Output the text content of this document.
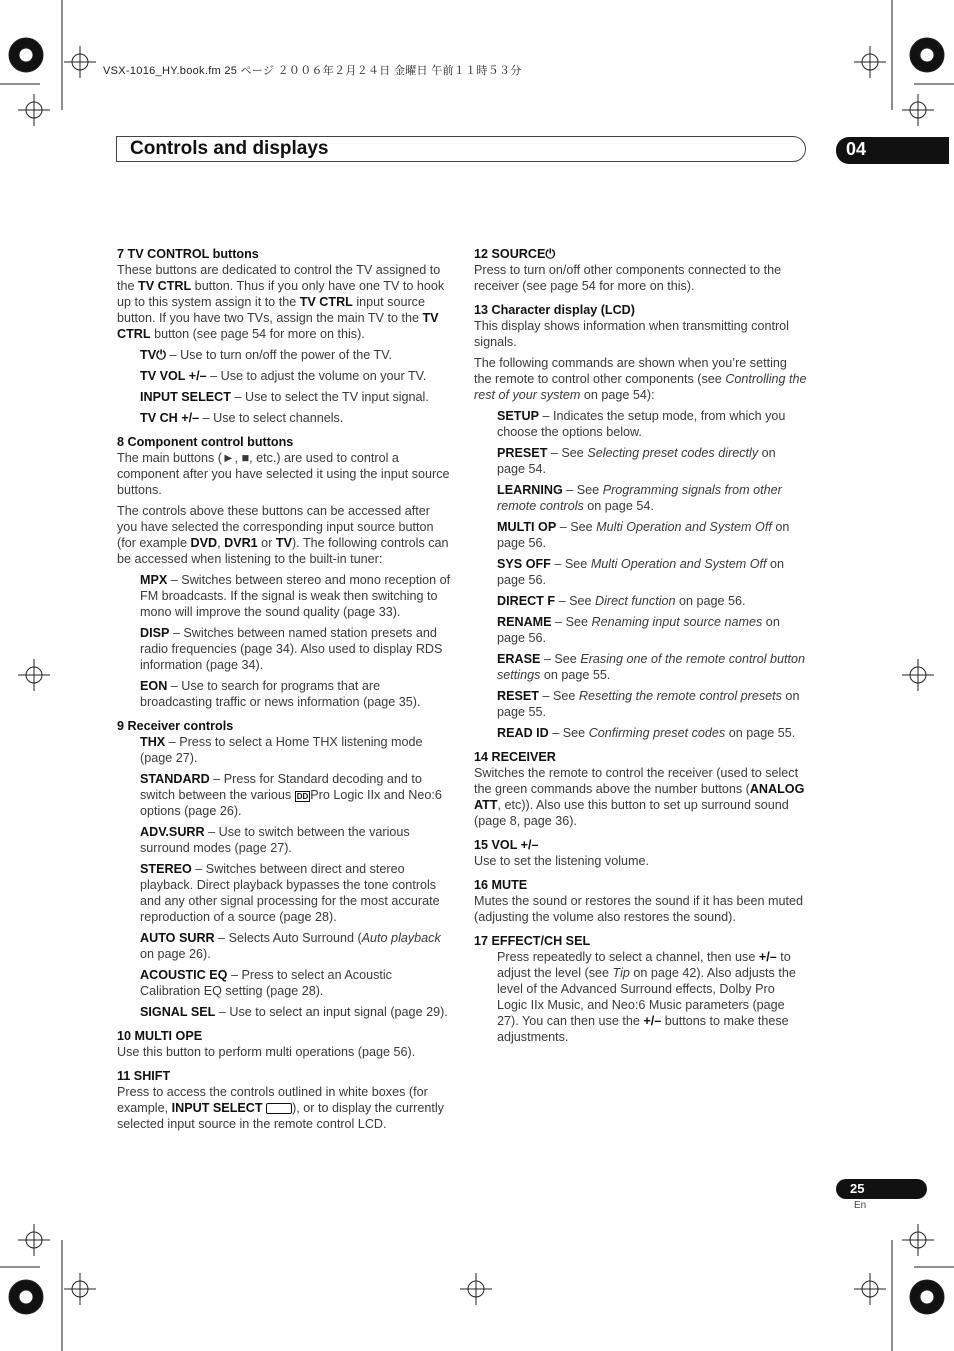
VSX-1016_HY.book.fm 25 ページ ２００６年２月２４日 金曜日 午前１１時５３分
Controls and displays	04
7 TV CONTROL buttons

These buttons are dedicated to control the TV assigned to the TV CTRL button. Thus if you only have one TV to hook up to this system assign it to the TV CTRL input source button. If you have two TVs, assign the main TV to the TV CTRL button (see page 54 for more on this).

TV⏻ – Use to turn on/off the power of the TV.

TV VOL +/– – Use to adjust the volume on your TV.

INPUT SELECT – Use to select the TV input signal.

TV CH +/– – Use to select channels.

8 Component control buttons

The main buttons (►, ■, etc.) are used to control a component after you have selected it using the input source buttons.

The controls above these buttons can be accessed after you have selected the corresponding input source button (for example DVD, DVR1 or TV). The following controls can be accessed when listening to the built-in tuner:

MPX – Switches between stereo and mono reception of FM broadcasts. If the signal is weak then switching to mono will improve the sound quality (page 33).

DISP – Switches between named station presets and radio frequencies (page 34). Also used to display RDS information (page 34).

EON – Use to search for programs that are broadcasting traffic or news information (page 35).

9 Receiver controls

THX – Press to select a Home THX listening mode (page 27).

STANDARD – Press for Standard decoding and to switch between the various DD Pro Logic IIx and Neo:6 options (page 26).

ADV.SURR – Use to switch between the various surround modes (page 27).

STEREO – Switches between direct and stereo playback. Direct playback bypasses the tone controls and any other signal processing for the most accurate reproduction of a source (page 28).

AUTO SURR – Selects Auto Surround (Auto playback on page 26).

ACOUSTIC EQ – Press to select an Acoustic Calibration EQ setting (page 28).

SIGNAL SEL – Use to select an input signal (page 29).

10 MULTI OPE

Use this button to perform multi operations (page 56).

11 SHIFT

Press to access the controls outlined in white boxes (for example, INPUT SELECT ), or to display the currently selected input source in the remote control LCD.

12 SOURCE⏻

Press to turn on/off other components connected to the receiver (see page 54 for more on this).

13 Character display (LCD)

This display shows information when transmitting control signals.

The following commands are shown when you’re setting the remote to control other components (see Controlling the rest of your system on page 54):

SETUP – Indicates the setup mode, from which you choose the options below.

PRESET – See Selecting preset codes directly on page 54.

LEARNING – See Programming signals from other remote controls on page 54.

MULTI OP – See Multi Operation and System Off on page 56.

SYS OFF – See Multi Operation and System Off on page 56.

DIRECT F – See Direct function on page 56.

RENAME – See Renaming input source names on page 56.

ERASE – See Erasing one of the remote control button settings on page 55.

RESET – See Resetting the remote control presets on page 55.

READ ID – See Confirming preset codes on page 55.

14 RECEIVER

Switches the remote to control the receiver (used to select the green commands above the number buttons (ANALOG ATT, etc)). Also use this button to set up surround sound (page 8, page 36).

15 VOL +/–

Use to set the listening volume.

16 MUTE

Mutes the sound or restores the sound if it has been muted (adjusting the volume also restores the sound).

17 EFFECT/CH SEL

Press repeatedly to select a channel, then use +/– to adjust the level (see Tip on page 42). Also adjusts the level of the Advanced Surround effects, Dolby Pro Logic IIx Music, and Neo:6 Music parameters (page 27). You can then use the +/– buttons to make these adjustments.

25
En
